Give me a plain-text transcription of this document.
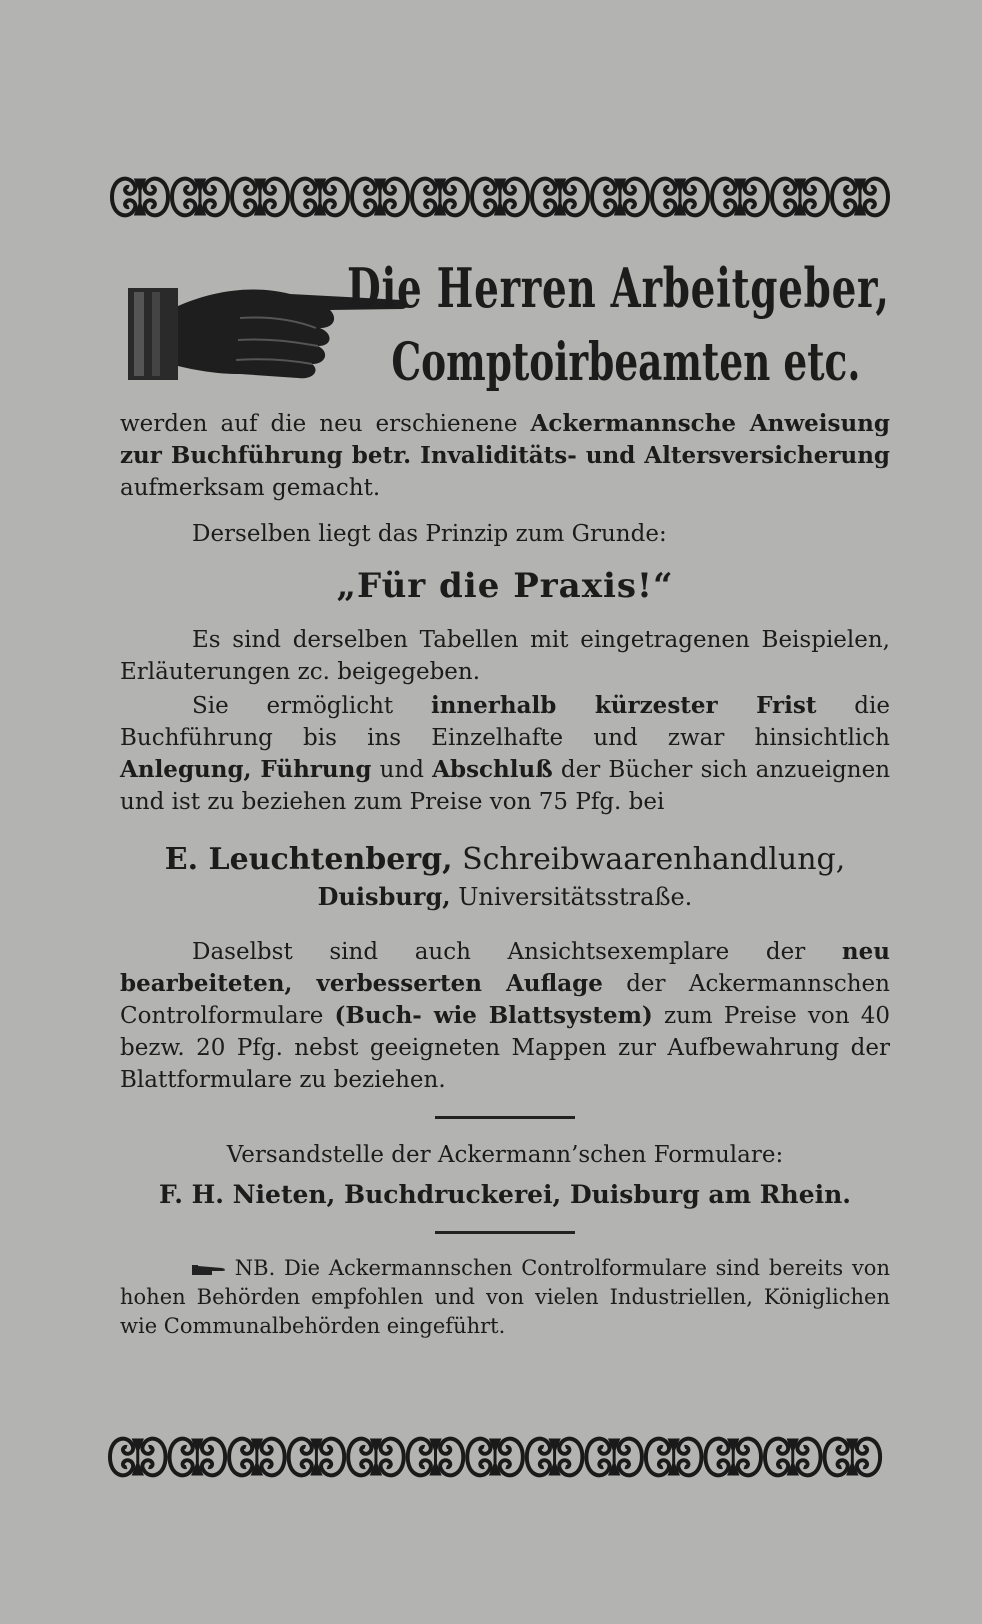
Die Herren Arbeitgeber,
Comptoirbeamten etc.

werden auf die neu erschienene Ackermannsche Anweisung zur Buchführung betr. Invaliditäts- und Altersversicherung aufmerksam gemacht.

Derselben liegt das Prinzip zum Grunde:

„Für die Praxis!“

Es sind derselben Tabellen mit eingetragenen Beispielen, Erläuterungen zc. beigegeben.

Sie ermöglicht innerhalb kürzester Frist die Buchführung bis ins Einzelhafte und zwar hinsichtlich Anlegung, Führung und Abschluß der Bücher sich anzueignen und ist zu beziehen zum Preise von 75 Pfg. bei

E. Leuchtenberg, Schreibwaarenhandlung,
Duisburg, Universitätsstraße.

Daselbst sind auch Ansichtsexemplare der neu bearbeiteten, verbesserten Auflage der Ackermannschen Controlformulare (Buch- wie Blattsystem) zum Preise von 40 bezw. 20 Pfg. nebst geeigneten Mappen zur Aufbewahrung der Blattformulare zu beziehen.

Versandstelle der Ackermann’schen Formulare:

F. H. Nieten, Buchdruckerei, Duisburg am Rhein.

NB. Die Ackermannschen Controlformulare sind bereits von hohen Behörden empfohlen und von vielen Industriellen, Königlichen wie Communalbehörden eingeführt.
